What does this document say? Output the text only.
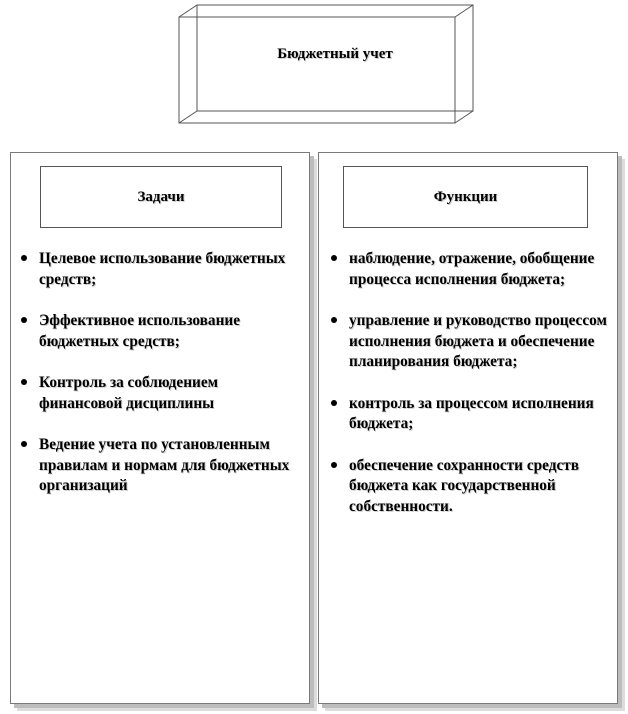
Бюджетный учет
Задачи
Целевое использование бюджетных средств;
Эффективное использование бюджетных средств;
Контроль за соблюдением финансовой дисциплины
Ведение учета по установленным правилам и нормам для бюджетных организаций
Функции
наблюдение, отражение, обобщение процесса исполнения бюджета;
управление и руководство процессом исполнения бюджета и обеспечение планирования бюджета;
контроль за процессом исполнения бюджета;
обеспечение сохранности средств бюджета как государственной собственности.
